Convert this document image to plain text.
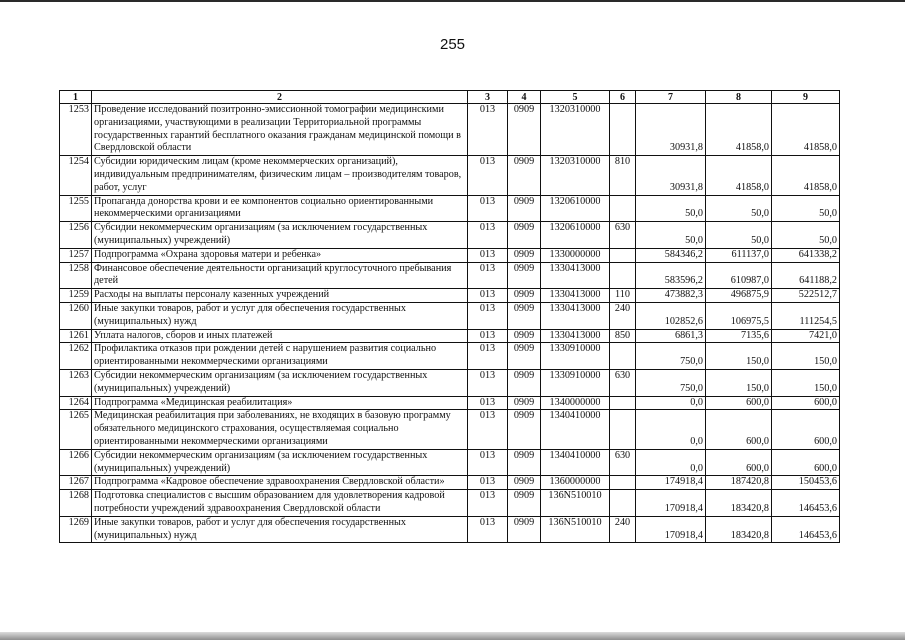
255
1	2	3	4	5	6	7	8	9
1253	Проведение исследований позитронно-эмиссионной томографии медицинскими организациями, участвующими в реализации Территориальной программы государственных гарантий бесплатного оказания гражданам медицинской помощи в Свердловской области	013	0909	1320310000		30931,8	41858,0	41858,0
1254	Субсидии юридическим лицам (кроме некоммерческих организаций), индивидуальным предпринимателям, физическим лицам – производителям товаров, работ, услуг	013	0909	1320310000	810	30931,8	41858,0	41858,0
1255	Пропаганда донорства крови и ее компонентов социально ориентированными некоммерческими организациями	013	0909	1320610000		50,0	50,0	50,0
1256	Субсидии некоммерческим организациям (за исключением государственных (муниципальных) учреждений)	013	0909	1320610000	630	50,0	50,0	50,0
1257	Подпрограмма «Охрана здоровья матери и ребенка»	013	0909	1330000000		584346,2	611137,0	641338,2
1258	Финансовое обеспечение деятельности организаций круглосуточного пребывания детей	013	0909	1330413000		583596,2	610987,0	641188,2
1259	Расходы на выплаты персоналу казенных учреждений	013	0909	1330413000	110	473882,3	496875,9	522512,7
1260	Иные закупки товаров, работ и услуг для обеспечения государственных (муниципальных) нужд	013	0909	1330413000	240	102852,6	106975,5	111254,5
1261	Уплата налогов, сборов и иных платежей	013	0909	1330413000	850	6861,3	7135,6	7421,0
1262	Профилактика отказов при рождении детей с нарушением развития социально ориентированными некоммерческими организациями	013	0909	1330910000		750,0	150,0	150,0
1263	Субсидии некоммерческим организациям (за исключением государственных (муниципальных) учреждений)	013	0909	1330910000	630	750,0	150,0	150,0
1264	Подпрограмма «Медицинская реабилитация»	013	0909	1340000000		0,0	600,0	600,0
1265	Медицинская реабилитация при заболеваниях, не входящих в базовую программу обязательного медицинского страхования, осуществляемая социально ориентированными некоммерческими организациями	013	0909	1340410000		0,0	600,0	600,0
1266	Субсидии некоммерческим организациям (за исключением государственных (муниципальных) учреждений)	013	0909	1340410000	630	0,0	600,0	600,0
1267	Подпрограмма «Кадровое обеспечение здравоохранения Свердловской области»	013	0909	1360000000		174918,4	187420,8	150453,6
1268	Подготовка специалистов с высшим образованием для удовлетворения кадровой потребности учреждений здравоохранения Свердловской области	013	0909	136N510010		170918,4	183420,8	146453,6
1269	Иные закупки товаров, работ и услуг для обеспечения государственных (муниципальных) нужд	013	0909	136N510010	240	170918,4	183420,8	146453,6
